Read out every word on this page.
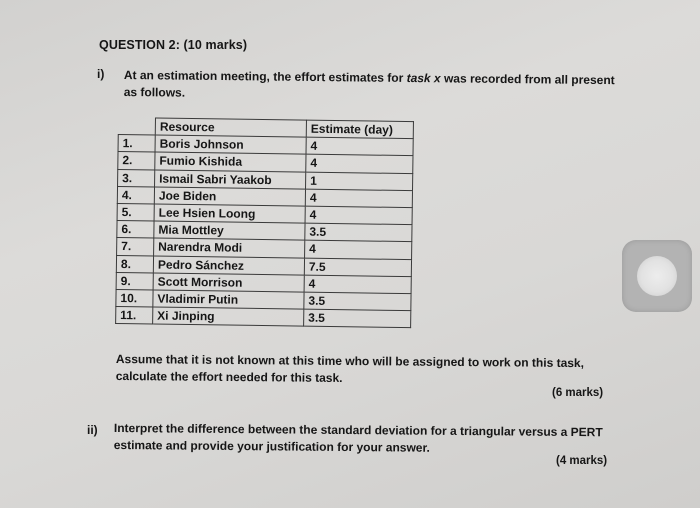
QUESTION 2: (10 marks)
i) At an estimation meeting, the effort estimates for task x was recorded from all present
as follows.
	Resource	Estimate (day)
1.	Boris Johnson	4
2.	Fumio Kishida	4
3.	Ismail Sabri Yaakob	1
4.	Joe Biden	4
5.	Lee Hsien Loong	4
6.	Mia Mottley	3.5
7.	Narendra Modi	4
8.	Pedro Sánchez	7.5
9.	Scott Morrison	4
10.	Vladimir Putin	3.5
11.	Xi Jinping	3.5
Assume that it is not known at this time who will be assigned to work on this task,
calculate the effort needed for this task.
(6 marks)
ii) Interpret the difference between the standard deviation for a triangular versus a PERT
estimate and provide your justification for your answer.
(4 marks)
